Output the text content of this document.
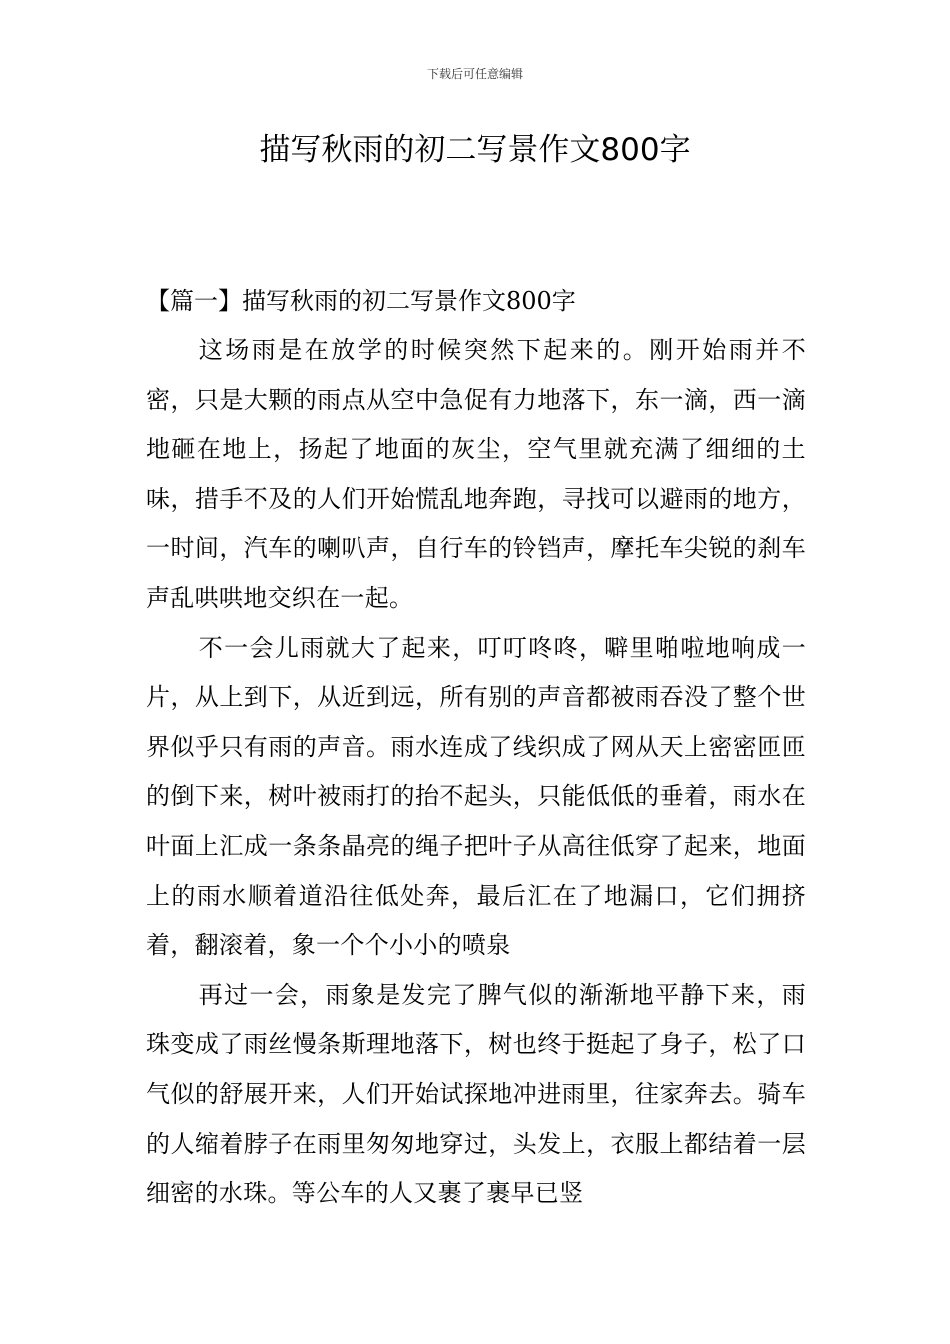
下载后可任意编辑
描写秋雨的初二写景作文800字

【篇一】描写秋雨的初二写景作文800字

这场雨是在放学的时候突然下起来的。刚开始雨并不密，只是大颗的雨点从空中急促有力地落下，东一滴，西一滴地砸在地上，扬起了地面的灰尘，空气里就充满了细细的土味，措手不及的人们开始慌乱地奔跑，寻找可以避雨的地方，一时间，汽车的喇叭声，自行车的铃铛声，摩托车尖锐的刹车声乱哄哄地交织在一起。

不一会儿雨就大了起来，叮叮咚咚，噼里啪啦地响成一片，从上到下，从近到远，所有别的声音都被雨吞没了整个世界似乎只有雨的声音。雨水连成了线织成了网从天上密密匝匝的倒下来，树叶被雨打的抬不起头，只能低低的垂着，雨水在叶面上汇成一条条晶亮的绳子把叶子从高往低穿了起来，地面上的雨水顺着道沿往低处奔，最后汇在了地漏口，它们拥挤着，翻滚着，象一个个小小的喷泉

再过一会，雨象是发完了脾气似的渐渐地平静下来，雨珠变成了雨丝慢条斯理地落下，树也终于挺起了身子，松了口气似的舒展开来，人们开始试探地冲进雨里，往家奔去。骑车的人缩着脖子在雨里匆匆地穿过，头发上，衣服上都结着一层细密的水珠。等公车的人又裹了裹早已竖
